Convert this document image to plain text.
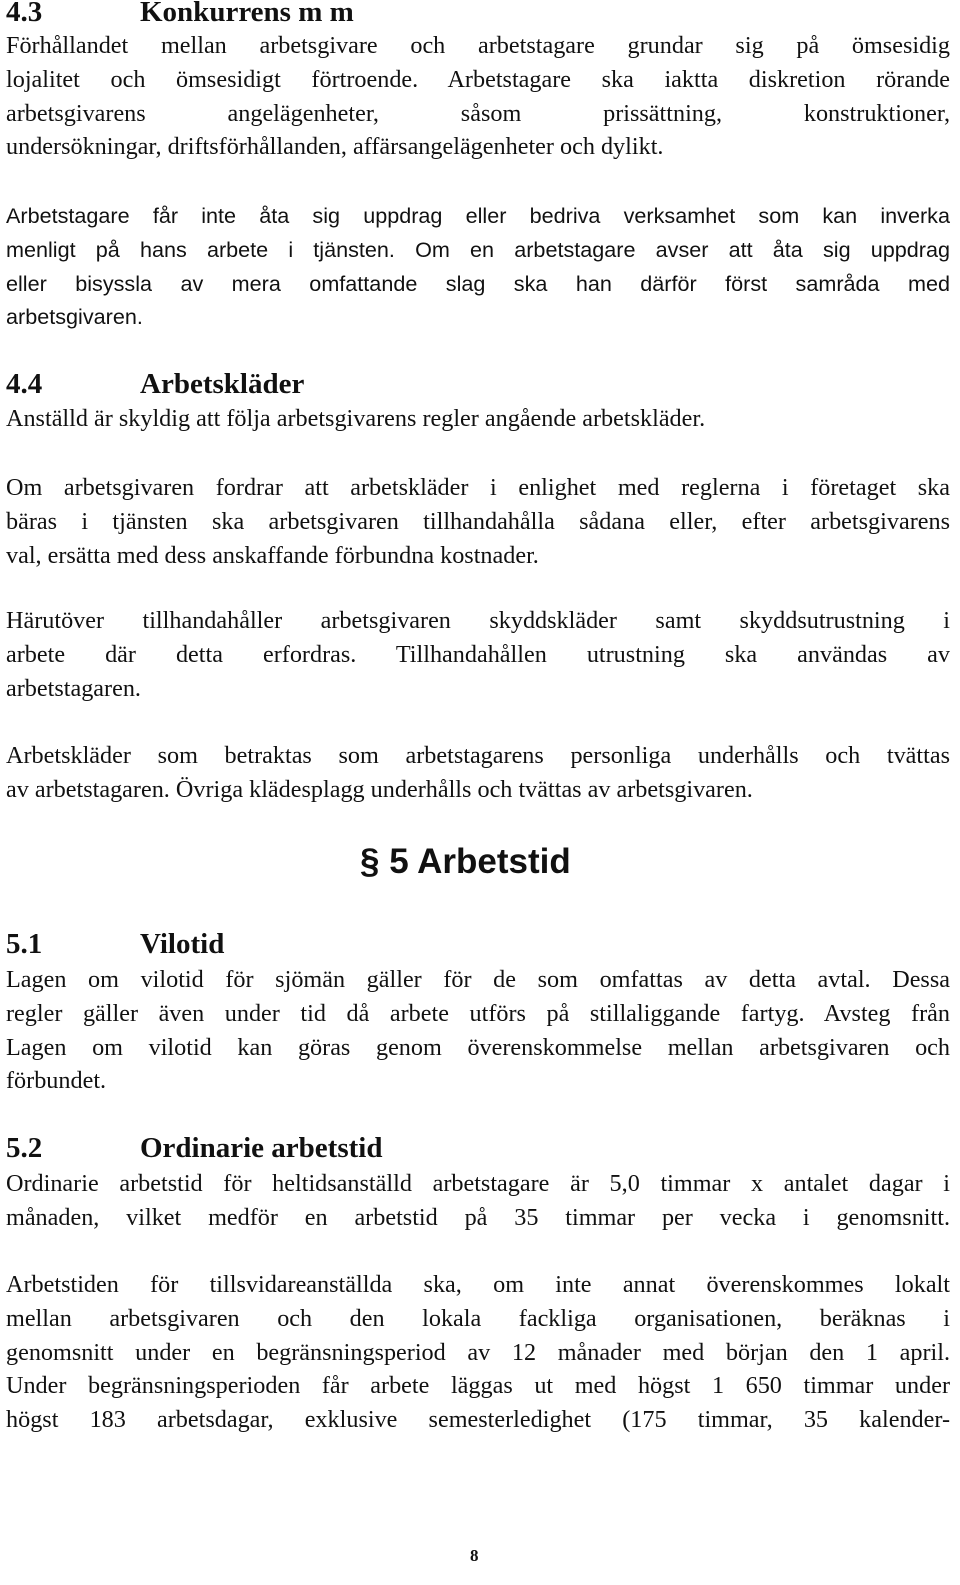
4.3	Konkurrens m m
Förhållandet mellan arbetsgivare och arbetstagare grundar sig på ömsesidig
lojalitet och ömsesidigt förtroende. Arbetstagare ska iaktta diskretion rörande
arbetsgivarens angelägenheter, såsom prissättning, konstruktioner,
undersökningar, driftsförhållanden, affärsangelägenheter och dylikt.
Arbetstagare får inte åta sig uppdrag eller bedriva verksamhet som kan inverka
menligt på hans arbete i tjänsten. Om en arbetstagare avser att åta sig uppdrag
eller bisyssla av mera omfattande slag ska han därför först samråda med
arbetsgivaren.
4.4	Arbetskläder
Anställd är skyldig att följa arbetsgivarens regler angående arbetskläder.
Om arbetsgivaren fordrar att arbetskläder i enlighet med reglerna i företaget ska
bäras i tjänsten ska arbetsgivaren tillhandahålla sådana eller, efter arbetsgivarens
val, ersätta med dess anskaffande förbundna kostnader.
Härutöver tillhandahåller arbetsgivaren skyddskläder samt skyddsutrustning i
arbete där detta erfordras. Tillhandahållen utrustning ska användas av
arbetstagaren.
Arbetskläder som betraktas som arbetstagarens personliga underhålls och tvättas
av arbetstagaren. Övriga klädesplagg underhålls och tvättas av arbetsgivaren.
§ 5 Arbetstid
5.1	Vilotid
Lagen om vilotid för sjömän gäller för de som omfattas av detta avtal. Dessa
regler gäller även under tid då arbete utförs på stillaliggande fartyg. Avsteg från
Lagen om vilotid kan göras genom överenskommelse mellan arbetsgivaren och
förbundet.
5.2	Ordinarie arbetstid
Ordinarie arbetstid för heltidsanställd arbetstagare är 5,0 timmar x antalet dagar i
månaden, vilket medför en arbetstid på 35 timmar per vecka i genomsnitt.
Arbetstiden för tillsvidareanställda ska, om inte annat överenskommes lokalt
mellan arbetsgivaren och den lokala fackliga organisationen, beräknas i
genomsnitt under en begränsningsperiod av 12 månader med början den 1 april.
Under begränsningsperioden får arbete läggas ut med högst 1 650 timmar under
högst 183 arbetsdagar, exklusive semesterledighet (175 timmar, 35 kalender-
8
